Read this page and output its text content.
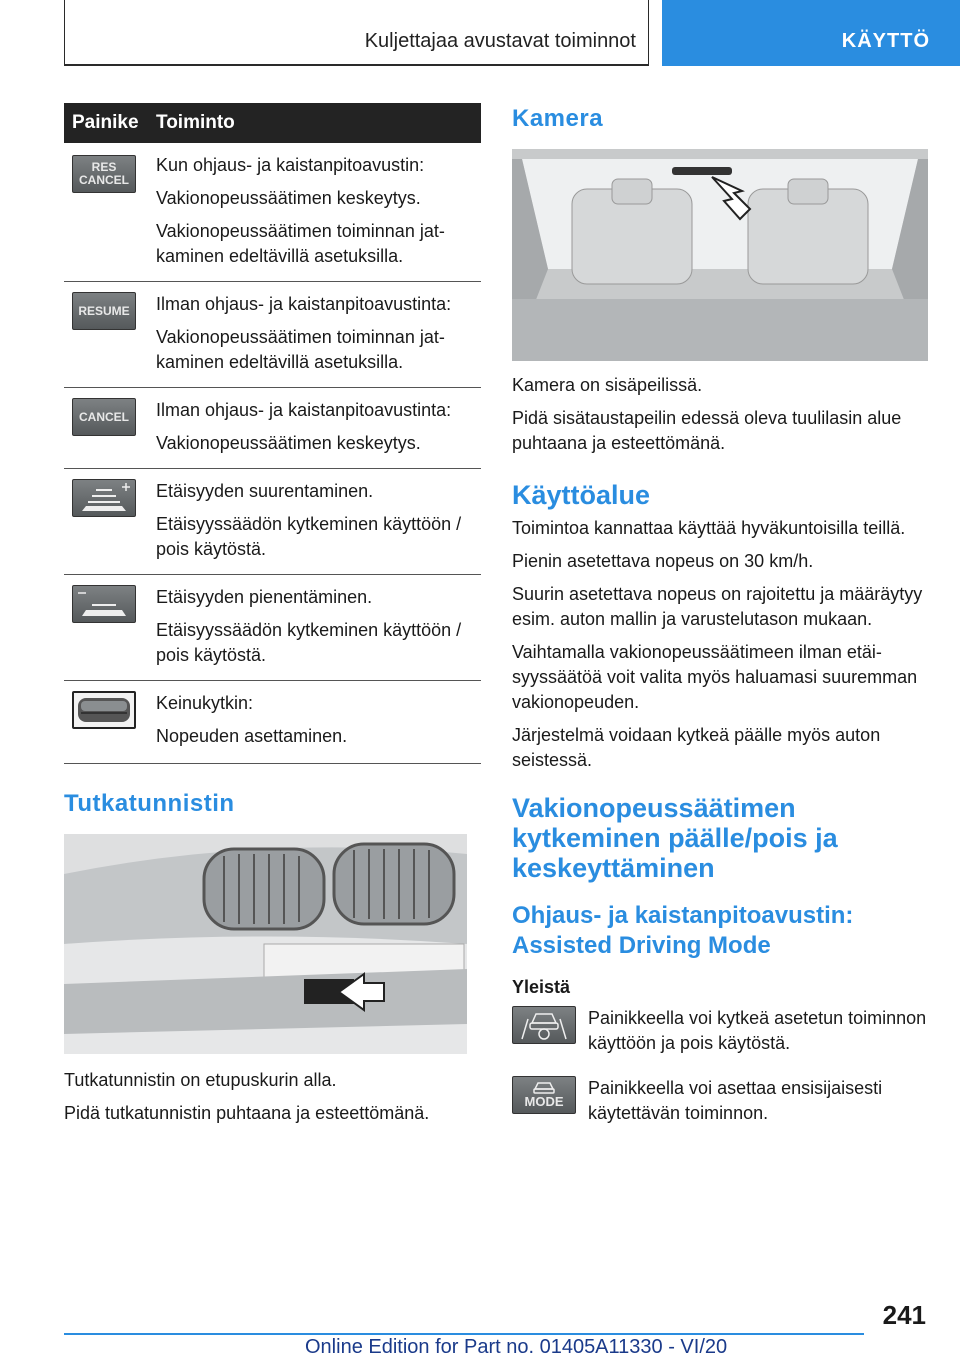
Kuljettajaa avustavat toiminnot	KÄYTTÖ
Painike Toiminto
RES
CANCEL

Kun ohjaus- ja kaistanpitoavustin:

Vakionopeussäätimen keskeytys.

Vakionopeussäätimen toiminnan jatkaminen edeltävillä asetuksilla.

RESUME Ilman ohjaus- ja kaistanpitoavustinta:

Vakionopeussäätimen toiminnan jatkaminen edeltävillä asetuksilla.

CANCEL Ilman ohjaus- ja kaistanpitoavustinta:

Vakionopeussäätimen keskeytys.

Etäisyyden suurentaminen.

Etäisyyssäädön kytkeminen käyttöön / pois käytöstä.

Etäisyyden pienentäminen.

Etäisyyssäädön kytkeminen käyttöön / pois käytöstä.

Keinukytkin:

Nopeuden asettaminen.

Tutkatunnistin

Tutkatunnistin on etupuskurin alla.

Pidä tutkatunnistin puhtaana ja esteettömänä.

Kamera

Kamera on sisäpeilissä.

Pidä sisätaustapeilin edessä oleva tuulilasin alue puhtaana ja esteettömänä.

Käyttöalue

Toimintoa kannattaa käyttää hyväkuntoisilla teillä.

Pienin asetettava nopeus on 30 km/h.

Suurin asetettava nopeus on rajoitettu ja määräytyy esim. auton mallin ja varustelutason mukaan.

Vaihtamalla vakionopeussäätimeen ilman etäisyyssäätöä voit valita myös haluamasi suuremman vakionopeuden.

Järjestelmä voidaan kytkeä päälle myös auton seistessä.

Vakionopeussäätimen kytkeminen päälle/pois ja keskeyttäminen
Ohjaus- ja kaistanpitoavustin: Assisted Driving Mode
Yleistä
Painikkeella voi kytkeä asetetun toiminnon käyttöön ja pois käytöstä.
MODE
Painikkeella voi asettaa ensisijaisesti käytettävän toiminnon.
241
Online Edition for Part no. 01405A11330 - VI/20
